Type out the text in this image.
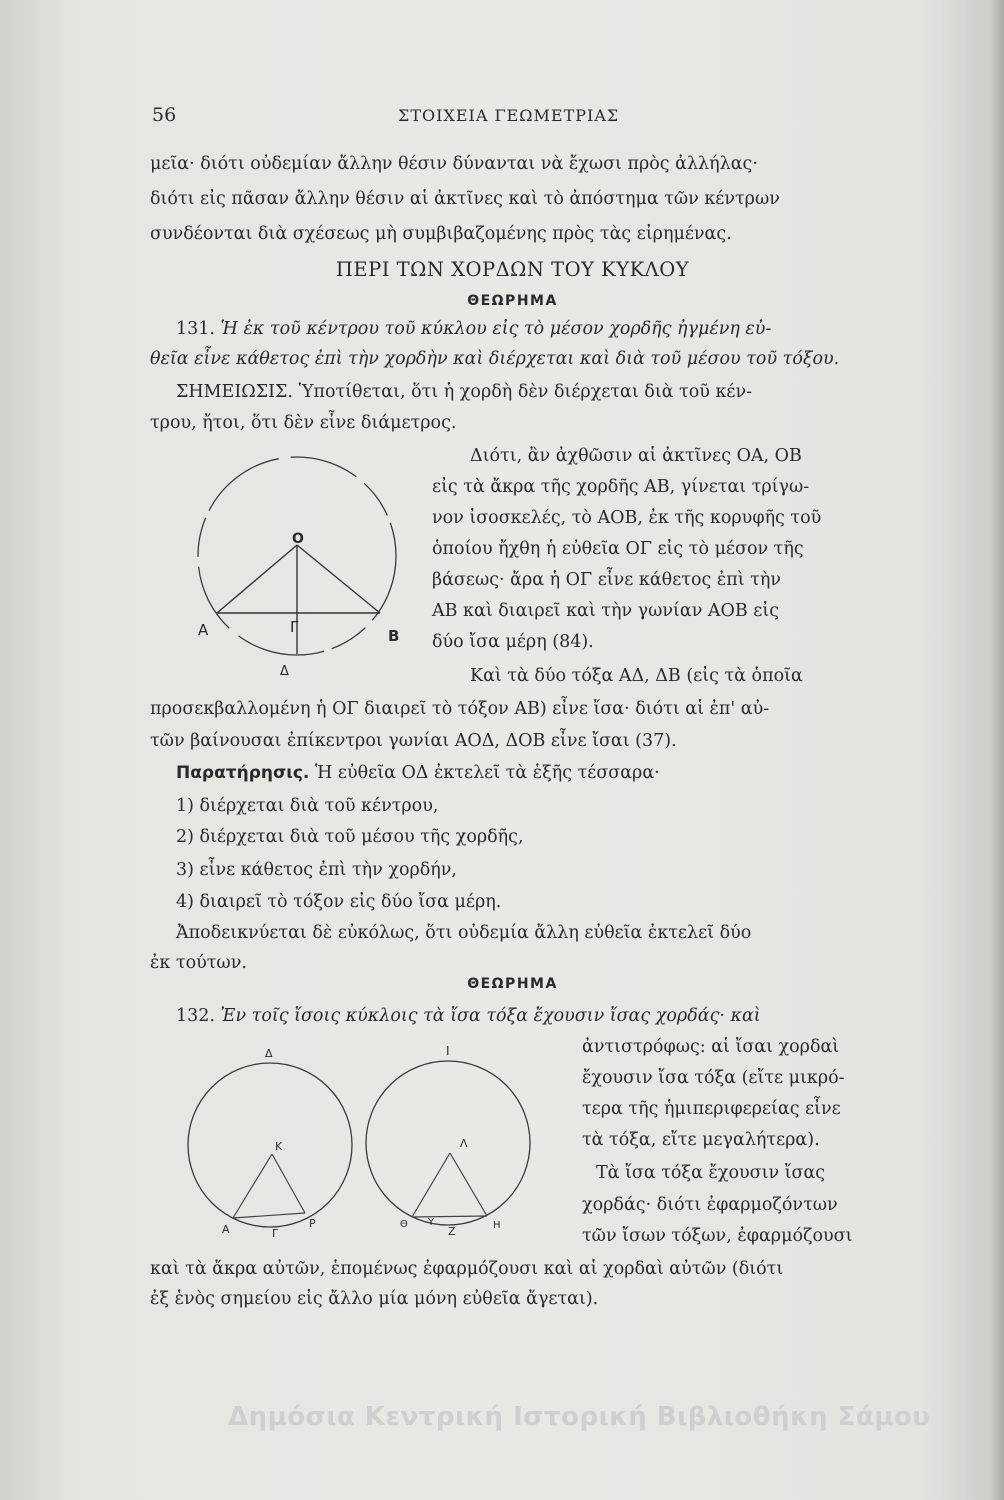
56	ΣΤΟΙΧΕΙΑ ΓΕΩΜΕΤΡΙΑΣ
μεῖα· διότι οὐδεμίαν ἄλλην θέσιν δύνανται νὰ ἔχωσι πρὸς ἀλλήλας·
διότι εἰς πᾶσαν ἄλλην θέσιν αἱ ἀκτῖνες καὶ τὸ ἀπόστημα τῶν κέντρων
συνδέονται διὰ σχέσεως μὴ συμβιβαζομένης πρὸς τὰς εἰρημένας.
ΠΕΡΙ ΤΩΝ ΧΟΡΔΩΝ ΤΟΥ ΚΥΚΛΟΥ
ΘΕΩΡΗΜΑ
131. Ἡ ἐκ τοῦ κέντρου τοῦ κύκλου εἰς τὸ μέσον χορδῆς ἠγμένη εὐ-
θεῖα εἶνε κάθετος ἐπὶ τὴν χορδὴν καὶ διέρχεται καὶ διὰ τοῦ μέσου τοῦ τόξου.
ΣΗΜΕΙΩΣΙΣ. Ὑποτίθεται, ὅτι ἡ χορδὴ δὲν διέρχεται διὰ τοῦ κέν-
τρου, ἤτοι, ὅτι δὲν εἶνε διάμετρος.
O
A	B
Γ
Δ
Διότι, ἂν ἀχθῶσιν αἱ ἀκτῖνες ΟΑ, ΟΒ
εἰς τὰ ἄκρα τῆς χορδῆς ΑΒ, γίνεται τρίγω-
νον ἰσοσκελές, τὸ ΑΟΒ, ἐκ τῆς κορυφῆς τοῦ
ὁποίου ἤχθη ἡ εὐθεῖα ΟΓ εἰς τὸ μέσον τῆς
βάσεως· ἄρα ἡ ΟΓ εἶνε κάθετος ἐπὶ τὴν
ΑΒ καὶ διαιρεῖ καὶ τὴν γωνίαν ΑΟΒ εἰς
δύο ἴσα μέρη (84).
Καὶ τὰ δύο τόξα ΑΔ, ΔΒ (εἰς τὰ ὁποῖα
προσεκβαλλομένη ἡ ΟΓ διαιρεῖ τὸ τόξον ΑΒ) εἶνε ἴσα· διότι αἱ ἐπ' αὐ-
τῶν βαίνουσαι ἐπίκεντροι γωνίαι ΑΟΔ, ΔΟΒ εἶνε ἴσαι (37).
Παρατήρησις. Ἡ εὐθεῖα ΟΔ ἐκτελεῖ τὰ ἑξῆς τέσσαρα·
1) διέρχεται διὰ τοῦ κέντρου,
2) διέρχεται διὰ τοῦ μέσου τῆς χορδῆς,
3) εἶνε κάθετος ἐπὶ τὴν χορδήν,
4) διαιρεῖ τὸ τόξον εἰς δύο ἴσα μέρη.
Ἀποδεικνύεται δὲ εὐκόλως, ὅτι οὐδεμία ἄλλη εὐθεῖα ἐκτελεῖ δύο
ἐκ τούτων.
ΘΕΩΡΗΜΑ
132. Ἐν τοῖς ἴσοις κύκλοις τὰ ἴσα τόξα ἔχουσιν ἴσας χορδάς· καὶ
ἀντιστρόφως: αἱ ἴσαι χορδαὶ
ἔχουσιν ἴσα τόξα (εἴτε μικρό-
τερα τῆς ἡμιπεριφερείας εἶνε
τὰ τόξα, εἴτε μεγαλήτερα).
Τὰ ἴσα τόξα ἔχουσιν ἴσας
χορδάς· διότι ἐφαρμοζόντων
τῶν ἴσων τόξων, ἐφαρμόζουσι
καὶ τὰ ἄκρα αὐτῶν, ἑπομένως ἐφαρμόζουσι καὶ αἱ χορδαὶ αὐτῶν (διότι
ἐξ ἑνὸς σημείου εἰς ἄλλο μία μόνη εὐθεῖα ἄγεται).
Δ
K
A	Γ
P
I
Λ
Θ Υ
Z	H
Δημόσια Κεντρική Ιστορική Βιβλιοθήκη Σάμου
